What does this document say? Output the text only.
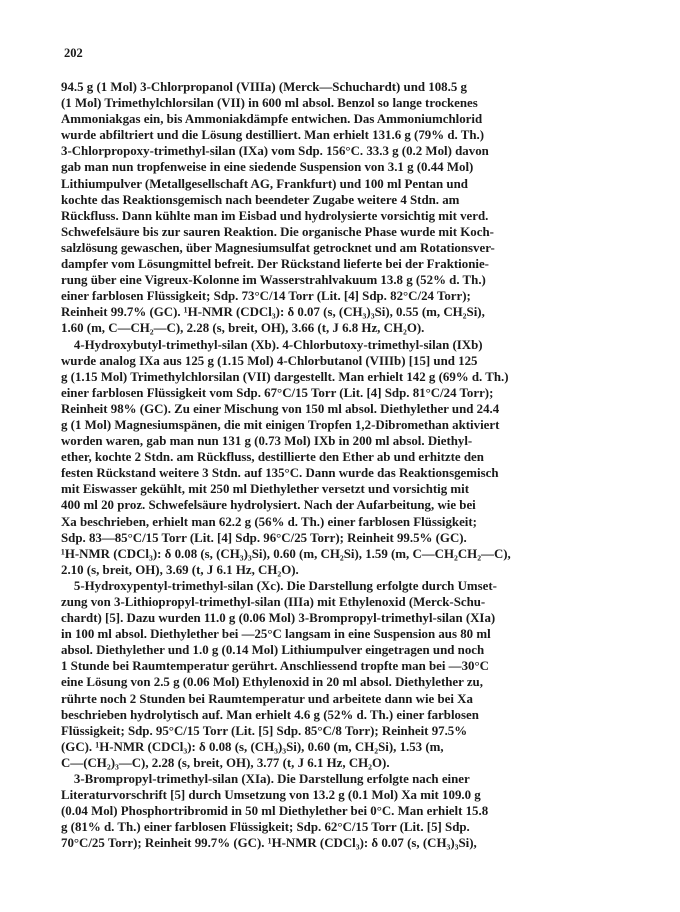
202
94.5 g (1 Mol) 3-Chlorpropanol (VIIIa) (Merck—Schuchardt) und 108.5 g
(1 Mol) Trimethylchlorsilan (VII) in 600 ml absol. Benzol so lange trockenes
Ammoniakgas ein, bis Ammoniakdämpfe entwichen. Das Ammoniumchlorid
wurde abfiltriert und die Lösung destilliert. Man erhielt 131.6 g (79% d. Th.)
3-Chlorpropoxy-trimethyl-silan (IXa) vom Sdp. 156°C. 33.3 g (0.2 Mol) davon
gab man nun tropfenweise in eine siedende Suspension von 3.1 g (0.44 Mol)
Lithiumpulver (Metallgesellschaft AG, Frankfurt) und 100 ml Pentan und
kochte das Reaktionsgemisch nach beendeter Zugabe weitere 4 Stdn. am
Rückfluss. Dann kühlte man im Eisbad und hydrolysierte vorsichtig mit verd.
Schwefelsäure bis zur sauren Reaktion. Die organische Phase wurde mit Koch-
salzlösung gewaschen, über Magnesiumsulfat getrocknet und am Rotationsver-
dampfer vom Lösungmittel befreit. Der Rückstand lieferte bei der Fraktionie-
rung über eine Vigreux-Kolonne im Wasserstrahlvakuum 13.8 g (52% d. Th.)
einer farblosen Flüssigkeit; Sdp. 73°C/14 Torr (Lit. [4] Sdp. 82°C/24 Torr);
Reinheit 99.7% (GC). ¹H-NMR (CDCl₃): δ 0.07 (s, (CH₃)₃Si), 0.55 (m, CH₂Si),
1.60 (m, C—CH₂—C), 2.28 (s, breit, OH), 3.66 (t, J 6.8 Hz, CH₂O).
4-Hydroxybutyl-trimethyl-silan (Xb). 4-Chlorbutoxy-trimethyl-silan (IXb)
wurde analog IXa aus 125 g (1.15 Mol) 4-Chlorbutanol (VIIIb) [15] und 125
g (1.15 Mol) Trimethylchlorsilan (VII) dargestellt. Man erhielt 142 g (69% d. Th.)
einer farblosen Flüssigkeit vom Sdp. 67°C/15 Torr (Lit. [4] Sdp. 81°C/24 Torr);
Reinheit 98% (GC). Zu einer Mischung von 150 ml absol. Diethylether und 24.4
g (1 Mol) Magnesiumspänen, die mit einigen Tropfen 1,2-Dibromethan aktiviert
worden waren, gab man nun 131 g (0.73 Mol) IXb in 200 ml absol. Diethyl-
ether, kochte 2 Stdn. am Rückfluss, destillierte den Ether ab und erhitzte den
festen Rückstand weitere 3 Stdn. auf 135°C. Dann wurde das Reaktionsgemisch
mit Eiswasser gekühlt, mit 250 ml Diethylether versetzt und vorsichtig mit
400 ml 20 proz. Schwefelsäure hydrolysiert. Nach der Aufarbeitung, wie bei
Xa beschrieben, erhielt man 62.2 g (56% d. Th.) einer farblosen Flüssigkeit;
Sdp. 83—85°C/15 Torr (Lit. [4] Sdp. 96°C/25 Torr); Reinheit 99.5% (GC).
¹H-NMR (CDCl₃): δ 0.08 (s, (CH₃)₃Si), 0.60 (m, CH₂Si), 1.59 (m, C—CH₂CH₂—C),
2.10 (s, breit, OH), 3.69 (t, J 6.1 Hz, CH₂O).
5-Hydroxypentyl-trimethyl-silan (Xc). Die Darstellung erfolgte durch Umset-
zung von 3-Lithiopropyl-trimethyl-silan (IIIa) mit Ethylenoxid (Merck-Schu-
chardt) [5]. Dazu wurden 11.0 g (0.06 Mol) 3-Brompropyl-trimethyl-silan (XIa)
in 100 ml absol. Diethylether bei —25°C langsam in eine Suspension aus 80 ml
absol. Diethylether und 1.0 g (0.14 Mol) Lithiumpulver eingetragen und noch
1 Stunde bei Raumtemperatur gerührt. Anschliessend tropfte man bei —30°C
eine Lösung von 2.5 g (0.06 Mol) Ethylenoxid in 20 ml absol. Diethylether zu,
rührte noch 2 Stunden bei Raumtemperatur und arbeitete dann wie bei Xa
beschrieben hydrolytisch auf. Man erhielt 4.6 g (52% d. Th.) einer farblosen
Flüssigkeit; Sdp. 95°C/15 Torr (Lit. [5] Sdp. 85°C/8 Torr); Reinheit 97.5%
(GC). ¹H-NMR (CDCl₃): δ 0.08 (s, (CH₃)₃Si), 0.60 (m, CH₂Si), 1.53 (m,
C—(CH₂)₃—C), 2.28 (s, breit, OH), 3.77 (t, J 6.1 Hz, CH₂O).
3-Brompropyl-trimethyl-silan (XIa). Die Darstellung erfolgte nach einer
Literaturvorschrift [5] durch Umsetzung von 13.2 g (0.1 Mol) Xa mit 109.0 g
(0.04 Mol) Phosphortribromid in 50 ml Diethylether bei 0°C. Man erhielt 15.8
g (81% d. Th.) einer farblosen Flüssigkeit; Sdp. 62°C/15 Torr (Lit. [5] Sdp.
70°C/25 Torr); Reinheit 99.7% (GC). ¹H-NMR (CDCl₃): δ 0.07 (s, (CH₃)₃Si),
